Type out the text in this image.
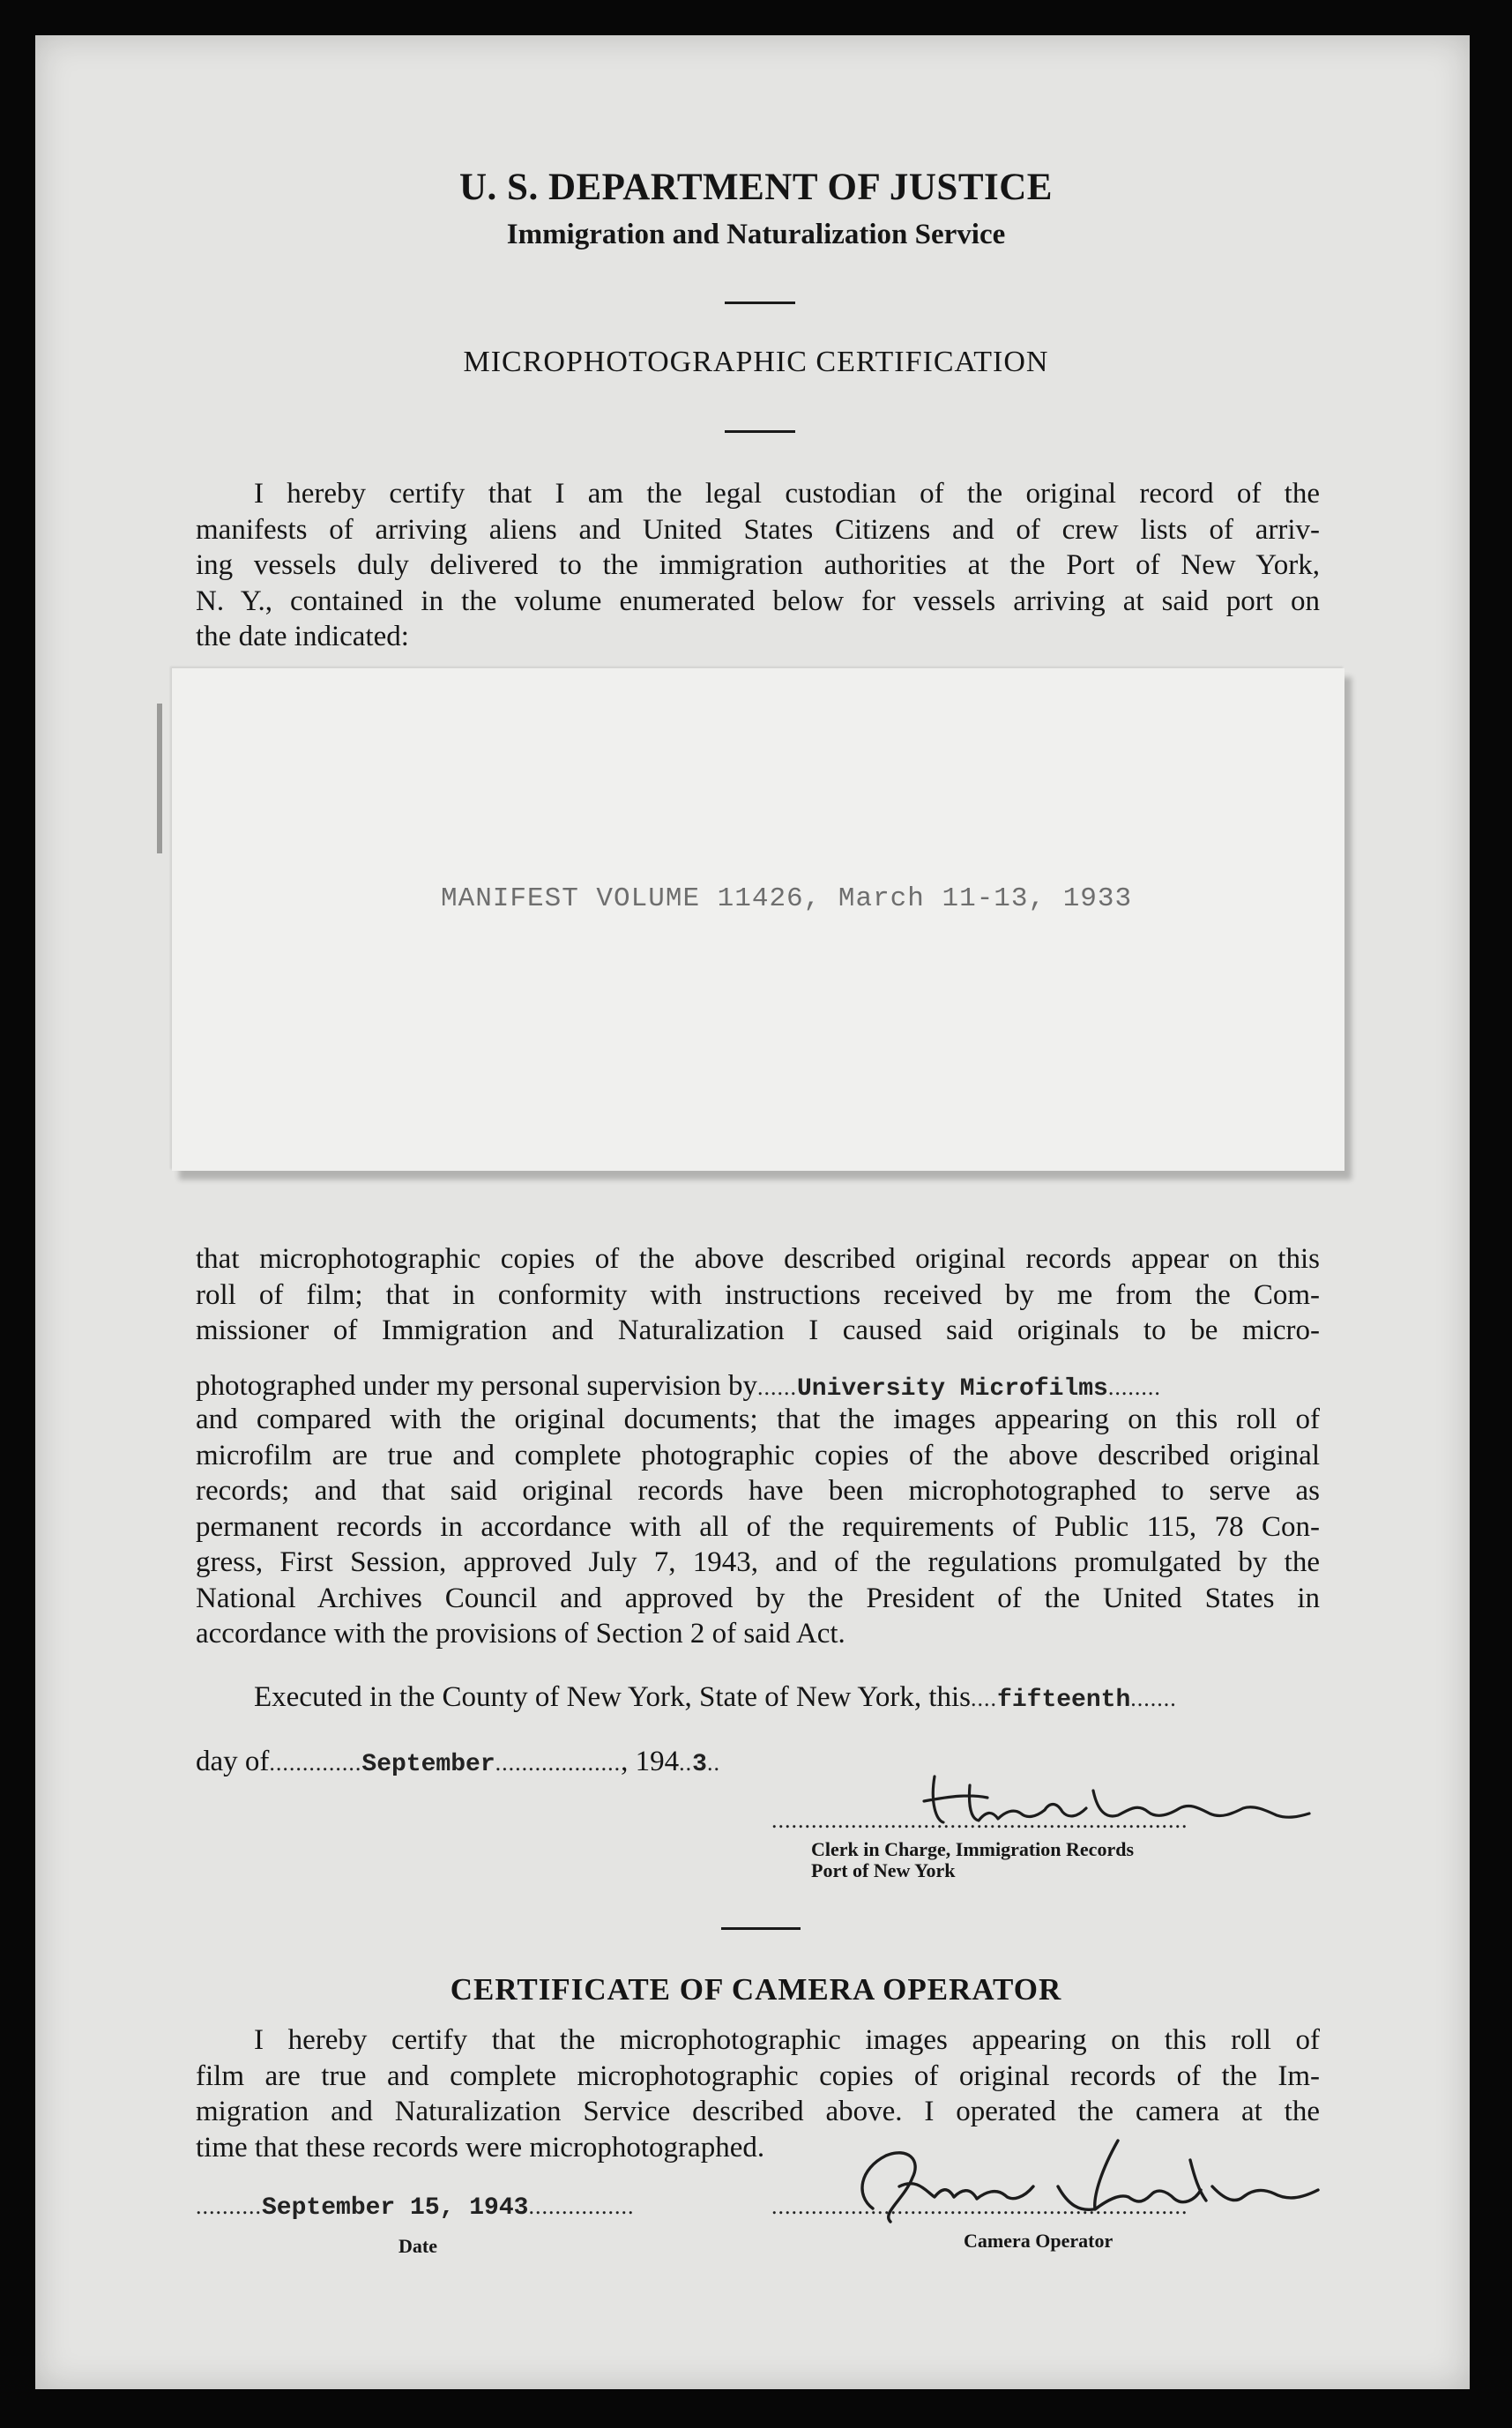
U. S. DEPARTMENT OF JUSTICE
Immigration and Naturalization Service
MICROPHOTOGRAPHIC CERTIFICATION
I hereby certify that I am the legal custodian of the original record of the
manifests of arriving aliens and United States Citizens and of crew lists of arriv-
ing vessels duly delivered to the immigration authorities at the Port of New York,
N. Y., contained in the volume enumerated below for vessels arriving at said port on
the date indicated:
MANIFEST VOLUME 11426, March 11-13, 1933
that microphotographic copies of the above described original records appear on this
roll of film; that in conformity with instructions received by me from the Com-
missioner of Immigration and Naturalization I caused said originals to be micro-
photographed under my personal supervision by......University Microfilms........
and compared with the original documents; that the images appearing on this roll of
microfilm are true and complete photographic copies of the above described original
records; and that said original records have been microphotographed to serve as
permanent records in accordance with all of the requirements of Public 115, 78 Con-
gress, First Session, approved July 7, 1943, and of the regulations promulgated by the
National Archives Council and approved by the President of the United States in
accordance with the provisions of Section 2 of said Act.
Executed in the County of New York, State of New York, this....fifteenth.......
day of..............September..................., 194..3..
...............................................................
Clerk in Charge, Immigration Records
Port of New York
CERTIFICATE OF CAMERA OPERATOR
I hereby certify that the microphotographic images appearing on this roll of
film are true and complete microphotographic copies of original records of the Im-
migration and Naturalization Service described above. I operated the camera at the
time that these records were microphotographed.
..........September 15, 1943................
Date
...............................................................
Camera Operator
